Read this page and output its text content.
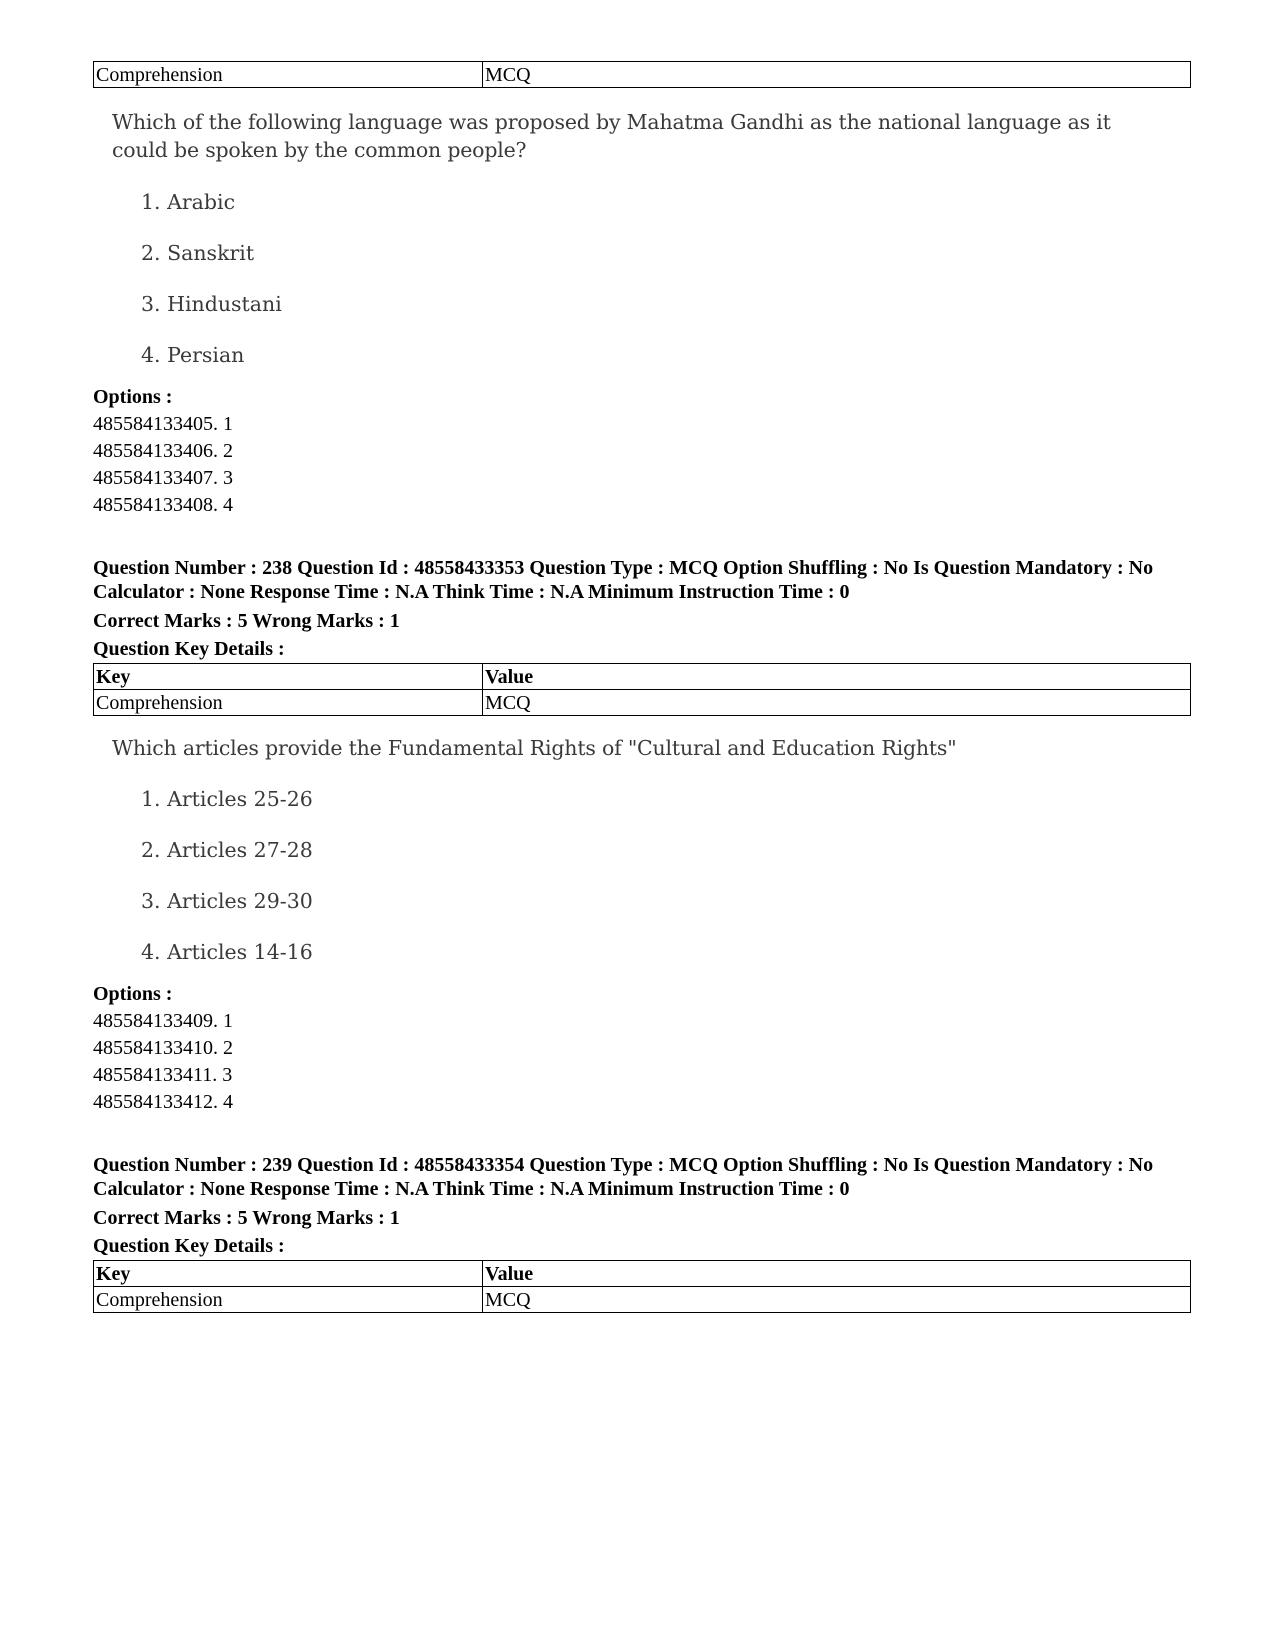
Comprehension	MCQ
Which of the following language was proposed by Mahatma Gandhi as the national language as it could be spoken by the common people?
1. Arabic
2. Sanskrit
3. Hindustani
4. Persian
Options :
485584133405. 1
485584133406. 2
485584133407. 3
485584133408. 4
Question Number : 238 Question Id : 48558433353 Question Type : MCQ Option Shuffling : No Is Question Mandatory : No Calculator : None Response Time : N.A Think Time : N.A Minimum Instruction Time : 0
Correct Marks : 5 Wrong Marks : 1
Question Key Details :
Key	Value
Comprehension	MCQ
Which articles provide the Fundamental Rights of "Cultural and Education Rights"
1. Articles 25-26
2. Articles 27-28
3. Articles 29-30
4. Articles 14-16
Options :
485584133409. 1
485584133410. 2
485584133411. 3
485584133412. 4
Question Number : 239 Question Id : 48558433354 Question Type : MCQ Option Shuffling : No Is Question Mandatory : No Calculator : None Response Time : N.A Think Time : N.A Minimum Instruction Time : 0
Correct Marks : 5 Wrong Marks : 1
Question Key Details :
Key	Value
Comprehension	MCQ
